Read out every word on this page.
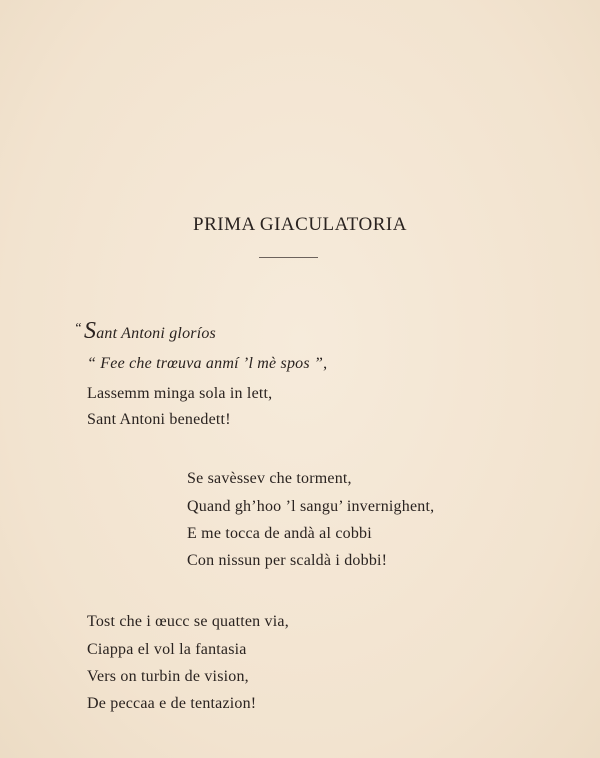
PRIMA GIACULATORIA
“Sant Antoni gloríos
“ Fee che trœuva anmí ’l mè spos ”,
Lassemm minga sola in lett,
Sant Antoni benedett!
Se savèssev che torment,
Quand gh’hoo ’l sangu’ invernighent,
E me tocca de andà al cobbi
Con nissun per scaldà i dobbi!
Tost che i œucc se quatten via,
Ciappa el vol la fantasia
Vers on turbin de vision,
De peccaa e de tentazion!
